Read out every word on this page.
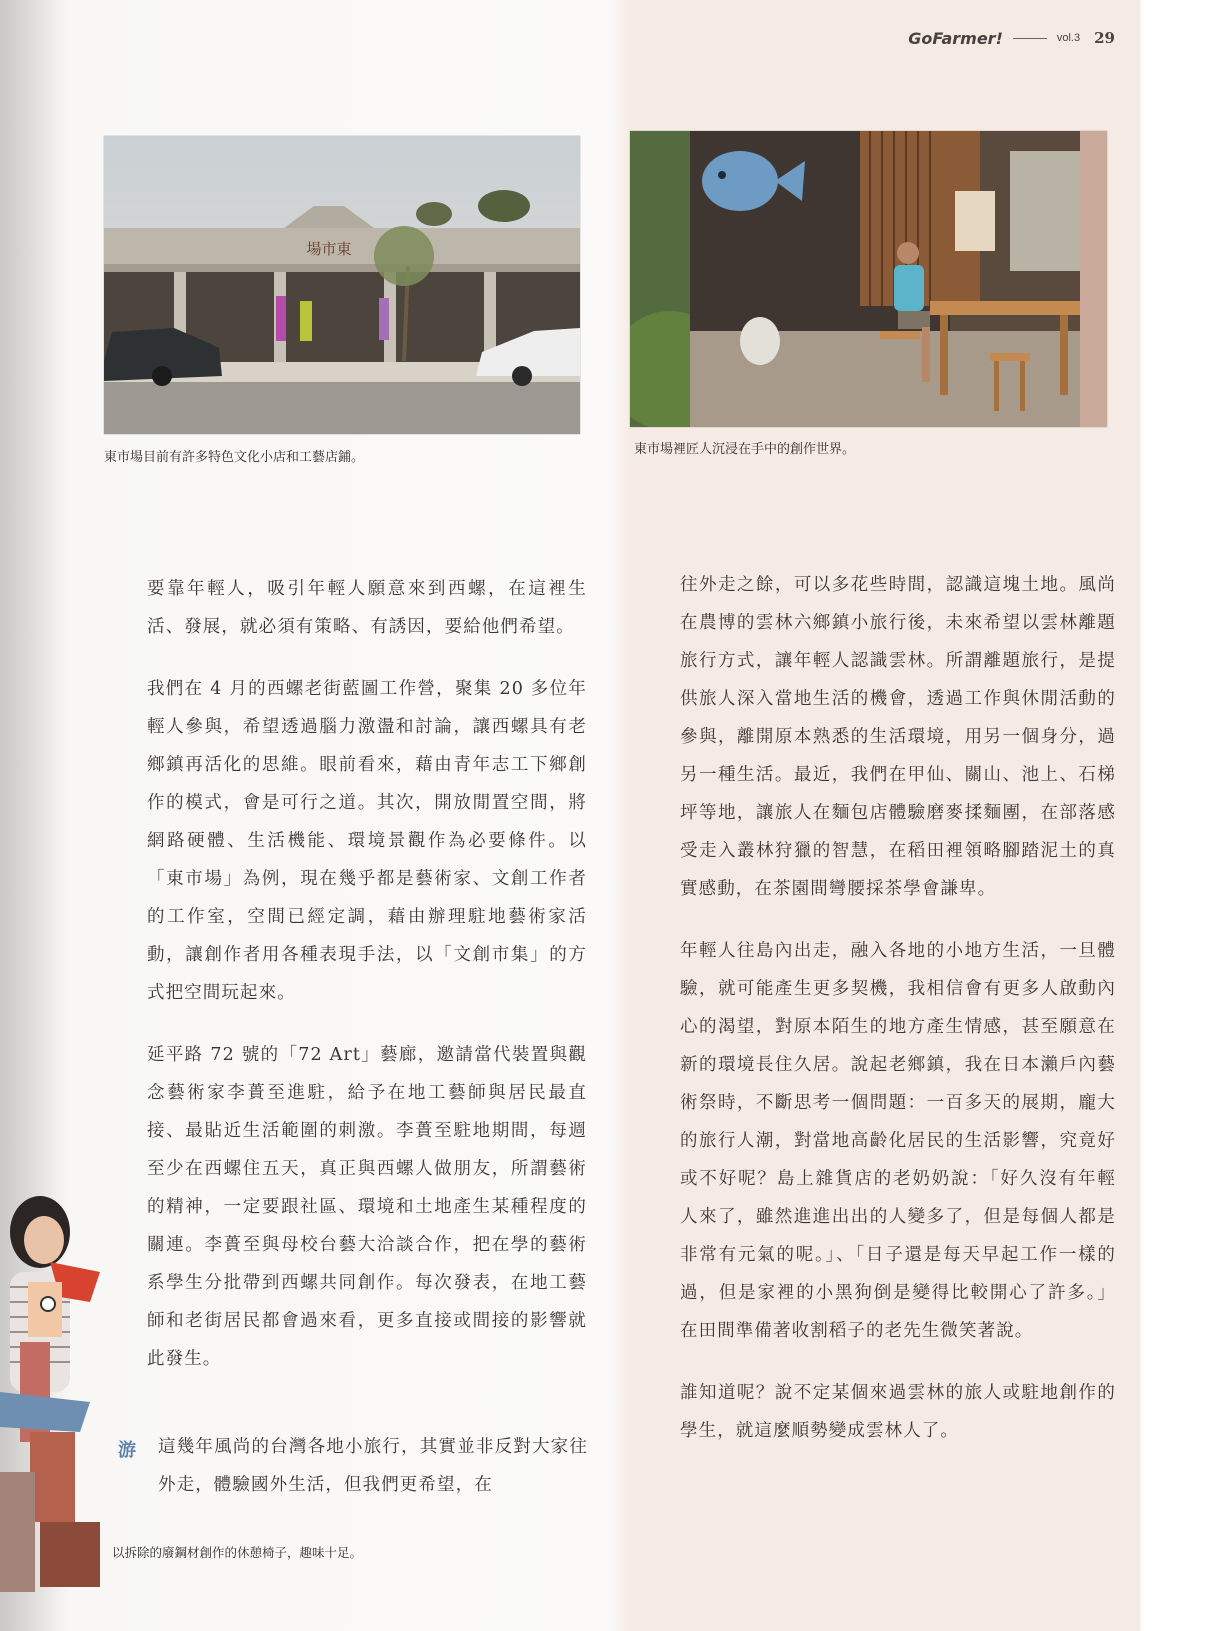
GoFarmer!	vol.3 29
場市東
東市場目前有許多特色文化小店和工藝店鋪。
東市場裡匠人沉浸在手中的創作世界。

要靠年輕人，吸引年輕人願意來到西螺，在這裡生活、發展，就必須有策略、有誘因，要給他們希望。

我們在 4 月的西螺老街藍圖工作營，聚集 20 多位年輕人參與，希望透過腦力激盪和討論，讓西螺具有老鄉鎮再活化的思維。眼前看來，藉由青年志工下鄉創作的模式，會是可行之道。其次，開放閒置空間，將網路硬體、生活機能、環境景觀作為必要條件。以「東市場」為例，現在幾乎都是藝術家、文創工作者的工作室，空間已經定調，藉由辦理駐地藝術家活動，讓創作者用各種表現手法，以「文創市集」的方式把空間玩起來。

延平路 72 號的「72 Art」藝廊，邀請當代裝置與觀念藝術家李蕢至進駐，給予在地工藝師與居民最直接、最貼近生活範圍的刺激。李蕢至駐地期間，每週至少在西螺住五天，真正與西螺人做朋友，所謂藝術的精神，一定要跟社區、環境和土地產生某種程度的關連。李蕢至與母校台藝大洽談合作，把在學的藝術系學生分批帶到西螺共同創作。每次發表，在地工藝師和老街居民都會過來看，更多直接或間接的影響就此發生。

游 這幾年風尚的台灣各地小旅行，其實並非反對大家往外走，體驗國外生活，但我們更希望，在

往外走之餘，可以多花些時間，認識這塊土地。風尚在農博的雲林六鄉鎮小旅行後，未來希望以雲林離題旅行方式，讓年輕人認識雲林。所謂離題旅行，是提供旅人深入當地生活的機會，透過工作與休閒活動的參與，離開原本熟悉的生活環境，用另一個身分，過另一種生活。最近，我們在甲仙、關山、池上、石梯坪等地，讓旅人在麵包店體驗磨麥揉麵團，在部落感受走入叢林狩獵的智慧，在稻田裡領略腳踏泥土的真實感動，在茶園間彎腰採茶學會謙卑。

年輕人往島內出走，融入各地的小地方生活，一旦體驗，就可能產生更多契機，我相信會有更多人啟動內心的渴望，對原本陌生的地方產生情感，甚至願意在新的環境長住久居。說起老鄉鎮，我在日本瀨戶內藝術祭時，不斷思考一個問題：一百多天的展期，龐大的旅行人潮，對當地高齡化居民的生活影響，究竟好或不好呢？島上雜貨店的老奶奶說：「好久沒有年輕人來了，雖然進進出出的人變多了，但是每個人都是非常有元氣的呢。」、「日子還是每天早起工作一樣的過，但是家裡的小黑狗倒是變得比較開心了許多。」在田間準備著收割稻子的老先生微笑著說。

誰知道呢？說不定某個來過雲林的旅人或駐地創作的學生，就這麼順勢變成雲林人了。

以拆除的廢鋼材創作的休憩椅子，趣味十足。
